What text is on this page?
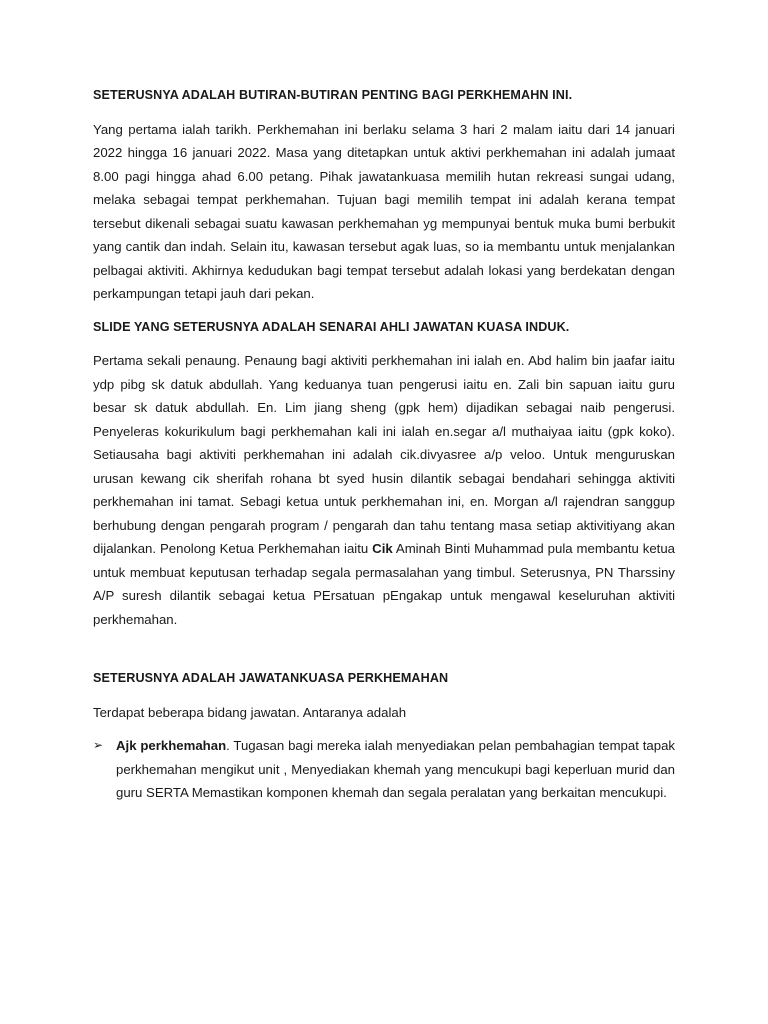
SETERUSNYA ADALAH BUTIRAN-BUTIRAN PENTING BAGI PERKHEMAHN INI.

Yang pertama ialah tarikh. Perkhemahan ini berlaku selama 3 hari 2 malam iaitu dari 14 januari 2022 hingga 16 januari 2022. Masa yang ditetapkan untuk aktivi perkhemahan ini adalah jumaat 8.00 pagi hingga ahad 6.00 petang. Pihak jawatankuasa memilih hutan rekreasi sungai udang, melaka sebagai tempat perkhemahan. Tujuan bagi memilih tempat ini adalah kerana tempat tersebut dikenali sebagai suatu kawasan perkhemahan yg mempunyai bentuk muka bumi berbukit yang cantik dan indah. Selain itu, kawasan tersebut agak luas, so ia membantu untuk menjalankan pelbagai aktiviti. Akhirnya kedudukan bagi tempat tersebut adalah lokasi yang berdekatan dengan perkampungan tetapi jauh dari pekan.

SLIDE YANG SETERUSNYA ADALAH SENARAI AHLI JAWATAN KUASA INDUK.

Pertama sekali penaung. Penaung bagi aktiviti perkhemahan ini ialah en. Abd halim bin jaafar iaitu ydp pibg sk datuk abdullah. Yang keduanya tuan pengerusi iaitu en. Zali bin sapuan iaitu guru besar sk datuk abdullah. En. Lim jiang sheng (gpk hem) dijadikan sebagai naib pengerusi. Penyeleras kokurikulum bagi perkhemahan kali ini ialah en.segar a/l muthaiyaa iaitu (gpk koko). Setiausaha bagi aktiviti perkhemahan ini adalah cik.divyasree a/p veloo. Untuk menguruskan urusan kewang cik sherifah rohana bt syed husin dilantik sebagai bendahari sehingga aktiviti perkhemahan ini tamat. Sebagi ketua untuk perkhemahan ini, en. Morgan a/l rajendran sanggup berhubung dengan pengarah program / pengarah dan tahu tentang masa setiap aktivitiyang akan dijalankan. Penolong Ketua Perkhemahan iaitu Cik Aminah Binti Muhammad pula membantu ketua untuk membuat keputusan terhadap segala permasalahan yang timbul. Seterusnya, PN Tharssiny A/P suresh dilantik sebagai ketua PErsatuan pEngakap untuk mengawal keseluruhan aktiviti perkhemahan.

SETERUSNYA ADALAH JAWATANKUASA PERKHEMAHAN

Terdapat beberapa bidang jawatan. Antaranya adalah

➢ Ajk perkhemahan. Tugasan bagi mereka ialah menyediakan pelan pembahagian tempat tapak perkhemahan mengikut unit , Menyediakan khemah yang mencukupi bagi keperluan murid dan guru SERTA Memastikan komponen khemah dan segala peralatan yang berkaitan mencukupi.
